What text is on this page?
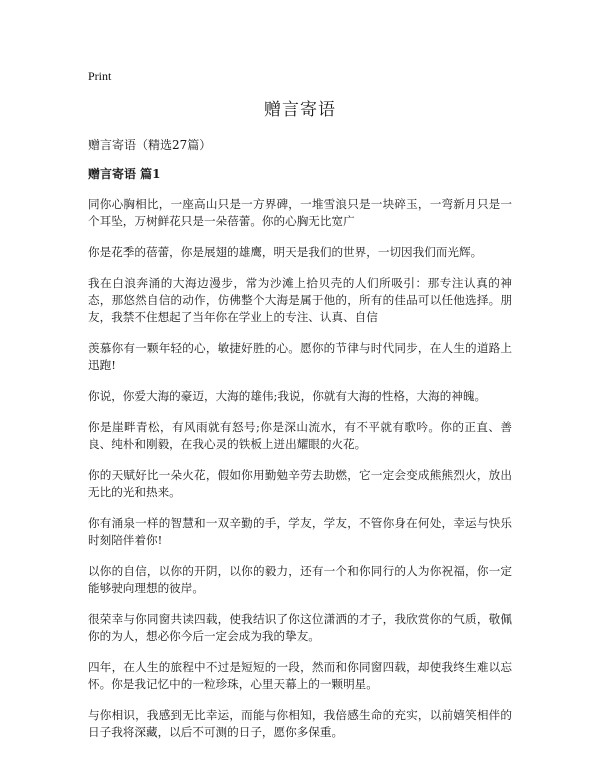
Print
赠言寄语
赠言寄语（精选27篇）
赠言寄语 篇1

同你心胸相比，一座高山只是一方界碑，一堆雪浪只是一块碎玉，一弯新月只是一个耳坠，万树鲜花只是一朵蓓蕾。你的心胸无比宽广

你是花季的蓓蕾，你是展翅的雄鹰，明天是我们的世界，一切因我们而光辉。

我在白浪奔涌的大海边漫步，常为沙滩上拾贝壳的人们所吸引：那专注认真的神态，那悠然自信的动作，仿佛整个大海是属于他的，所有的佳品可以任他选择。朋友，我禁不住想起了当年你在学业上的专注、认真、自信

羡慕你有一颗年轻的心，敏捷好胜的心。愿你的节律与时代同步，在人生的道路上迅跑!

你说，你爱大海的豪迈，大海的雄伟;我说，你就有大海的性格，大海的神魄。

你是崖畔青松，有风雨就有怒号;你是深山流水，有不平就有歌吟。你的正直、善良、纯朴和刚毅，在我心灵的铁板上迸出耀眼的火花。

你的天赋好比一朵火花，假如你用勤勉辛劳去助燃，它一定会变成熊熊烈火，放出无比的光和热来。

你有涌泉一样的智慧和一双辛勤的手，学友，学友，不管你身在何处，幸运与快乐时刻陪伴着你!

以你的自信，以你的开阴，以你的毅力，还有一个和你同行的人为你祝福，你一定能够驶向理想的彼岸。

很荣幸与你同窗共读四载，使我结识了你这位潇洒的才子，我欣赏你的气质，敬佩你的为人，想必你今后一定会成为我的挚友。

四年，在人生的旅程中不过是短短的一段，然而和你同窗四载，却使我终生难以忘怀。你是我记忆中的一粒珍珠，心里天幕上的一颗明星。

与你相识，我感到无比幸运，而能与你相知，我倍感生命的充实，以前嬉笑相伴的日子我将深藏，以后不可测的日子，愿你多保重。
